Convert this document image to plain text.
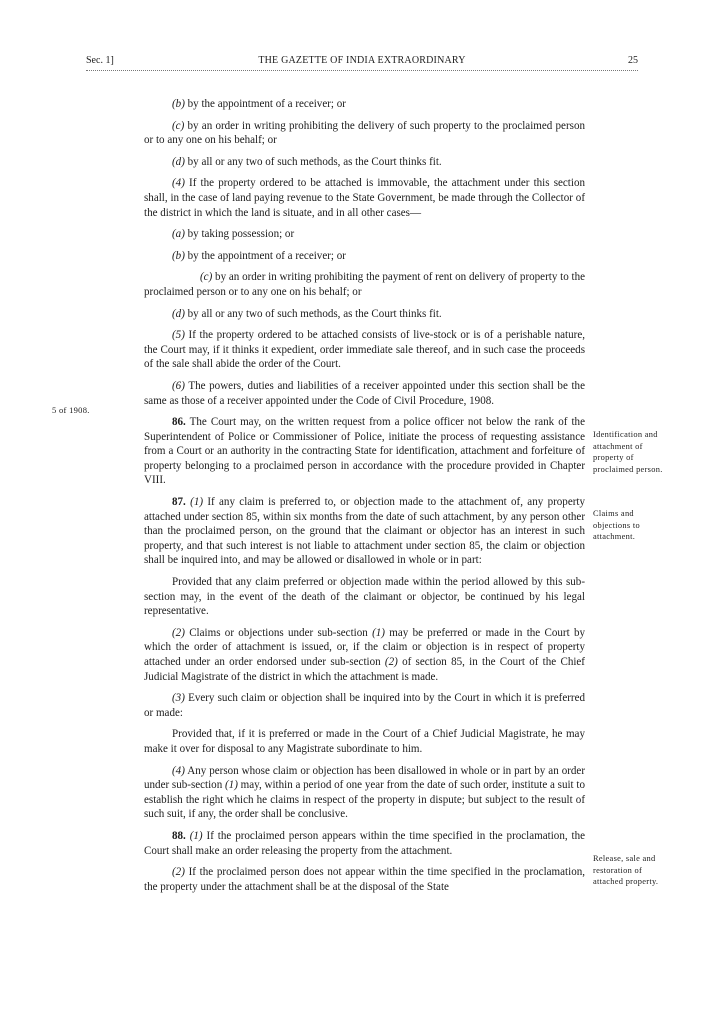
Sec. 1]	THE GAZETTE OF INDIA EXTRAORDINARY	25
5 of 1908.
Identification and attachment of property of proclaimed person.
Claims and objections to attachment.
Release, sale and restoration of attached property.

(b) by the appointment of a receiver; or

(c) by an order in writing prohibiting the delivery of such property to the proclaimed person or to any one on his behalf; or

(d) by all or any two of such methods, as the Court thinks fit.

(4) If the property ordered to be attached is immovable, the attachment under this section shall, in the case of land paying revenue to the State Government, be made through the Collector of the district in which the land is situate, and in all other cases—

(a) by taking possession; or

(b) by the appointment of a receiver; or

(c) by an order in writing prohibiting the payment of rent on delivery of property to the proclaimed person or to any one on his behalf; or

(d) by all or any two of such methods, as the Court thinks fit.

(5) If the property ordered to be attached consists of live-stock or is of a perishable nature, the Court may, if it thinks it expedient, order immediate sale thereof, and in such case the proceeds of the sale shall abide the order of the Court.

(6) The powers, duties and liabilities of a receiver appointed under this section shall be the same as those of a receiver appointed under the Code of Civil Procedure, 1908.

86. The Court may, on the written request from a police officer not below the rank of the Superintendent of Police or Commissioner of Police, initiate the process of requesting assistance from a Court or an authority in the contracting State for identification, attachment and forfeiture of property belonging to a proclaimed person in accordance with the procedure provided in Chapter VIII.

87. (1) If any claim is preferred to, or objection made to the attachment of, any property attached under section 85, within six months from the date of such attachment, by any person other than the proclaimed person, on the ground that the claimant or objector has an interest in such property, and that such interest is not liable to attachment under section 85, the claim or objection shall be inquired into, and may be allowed or disallowed in whole or in part:

Provided that any claim preferred or objection made within the period allowed by this sub-section may, in the event of the death of the claimant or objector, be continued by his legal representative.

(2) Claims or objections under sub-section (1) may be preferred or made in the Court by which the order of attachment is issued, or, if the claim or objection is in respect of property attached under an order endorsed under sub-section (2) of section 85, in the Court of the Chief Judicial Magistrate of the district in which the attachment is made.

(3) Every such claim or objection shall be inquired into by the Court in which it is preferred or made:

Provided that, if it is preferred or made in the Court of a Chief Judicial Magistrate, he may make it over for disposal to any Magistrate subordinate to him.

(4) Any person whose claim or objection has been disallowed in whole or in part by an order under sub-section (1) may, within a period of one year from the date of such order, institute a suit to establish the right which he claims in respect of the property in dispute; but subject to the result of such suit, if any, the order shall be conclusive.

88. (1) If the proclaimed person appears within the time specified in the proclamation, the Court shall make an order releasing the property from the attachment.

(2) If the proclaimed person does not appear within the time specified in the proclamation, the property under the attachment shall be at the disposal of the State
